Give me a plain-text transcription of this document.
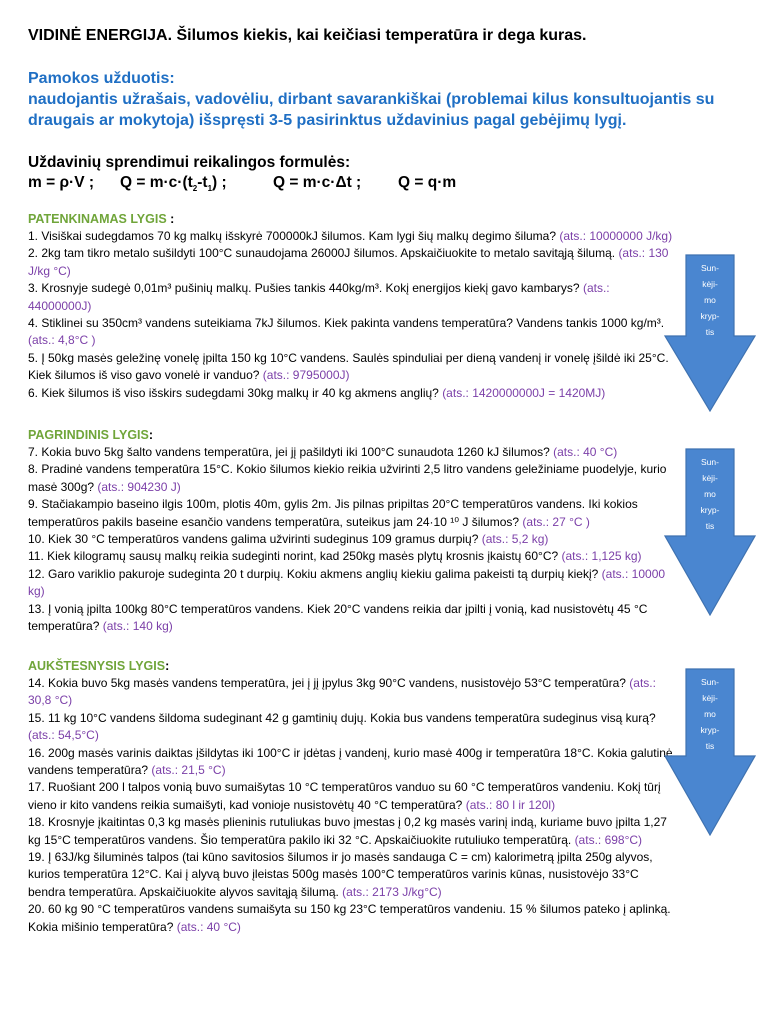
VIDINĖ ENERGIJA. Šilumos kiekis, kai keičiasi temperatūra ir dega kuras.
Pamokos užduotis:
naudojantis užrašais, vadovėliu, dirbant savarankiškai (problemai kilus konsultuojantis su
draugais ar mokytoja) išspręsti 3-5 pasirinktus uždavinius pagal gebėjimų lygį.
Uždavinių sprendimui reikalingos formulės:
m = ρ·V ; $Q = m\cdot c\cdot(t_2-t_1)$ ;	Q = m·c·Δt ; Q = q·m
PATENKINAMAS LYGIS :

1. Visiškai sudegdamos 70 kg malkų išskyrė 700000kJ šilumos. Kam lygi šių malkų degimo šiluma? (ats.: 10000000 J/kg)

2. 2kg tam tikro metalo sušildyti 100°C sunaudojama 26000J šilumos. Apskaičiuokite to metalo savitąją šilumą. (ats.: 130 J/kg °C)

3. Krosnyje sudegė 0,01m³ pušinių malkų. Pušies tankis 440kg/m³. Kokį energijos kiekį gavo kambarys? (ats.: 44000000J)

4. Stiklinei su 350cm³ vandens suteikiama 7kJ šilumos. Kiek pakinta vandens temperatūra? Vandens tankis 1000 kg/m³. (ats.: 4,8°C )

5. Į 50kg masės geležinę vonelę įpilta 150 kg 10°C vandens. Saulės spinduliai per dieną vandenį ir vonelę įšildė iki 25°C. Kiek šilumos iš viso gavo vonelė ir vanduo? (ats.: 9795000J)

6. Kiek šilumos iš viso išskirs sudegdami 30kg malkų ir 40 kg akmens anglių? (ats.: 1420000000J = 1420MJ)

PAGRINDINIS LYGIS:

7. Kokia buvo 5kg šalto vandens temperatūra, jei jį pašildyti iki 100°C sunaudota 1260 kJ šilumos? (ats.: 40 °C)

8. Pradinė vandens temperatūra 15°C. Kokio šilumos kiekio reikia užvirinti 2,5 litro vandens geležiniame puodelyje, kurio masė 300g? (ats.: 904230 J)

9. Stačiakampio baseino ilgis 100m, plotis 40m, gylis 2m. Jis pilnas pripiltas 20°C temperatūros vandens. Iki kokios temperatūros pakils baseine esančio vandens temperatūra, suteikus jam 24·10 ¹⁰ J šilumos? (ats.: 27 °C )

10. Kiek 30 °C temperatūros vandens galima užvirinti sudeginus 109 gramus durpių? (ats.: 5,2 kg)

11. Kiek kilogramų sausų malkų reikia sudeginti norint, kad 250kg masės plytų krosnis įkaistų 60°C? (ats.: 1,125 kg)

12. Garo variklio pakuroje sudeginta 20 t durpių. Kokiu akmens anglių kiekiu galima pakeisti tą durpių kiekį? (ats.: 10000 kg)

13. Į vonią įpilta 100kg 80°C temperatūros vandens. Kiek 20°C vandens reikia dar įpilti į vonią, kad nusistovėtų 45 °C temperatūra? (ats.: 140 kg)

AUKŠTESNYSIS LYGIS:

14. Kokia buvo 5kg masės vandens temperatūra, jei į jį įpylus 3kg 90°C vandens, nusistovėjo 53°C temperatūra? (ats.: 30,8 °C)

15. 11 kg 10°C vandens šildoma sudeginant 42 g gamtinių dujų. Kokia bus vandens temperatūra sudeginus visą kurą? (ats.: 54,5°C)

16. 200g masės varinis daiktas įšildytas iki 100°C ir įdėtas į vandenį, kurio masė 400g ir temperatūra 18°C. Kokia galutinė vandens temperatūra? (ats.: 21,5 °C)

17. Ruošiant 200 l talpos vonią buvo sumaišytas 10 °C temperatūros vanduo su 60 °C temperatūros vandeniu. Kokį tūrį vieno ir kito vandens reikia sumaišyti, kad vonioje nusistovėtų 40 °C temperatūra? (ats.: 80 l ir 120l)

18. Krosnyje įkaitintas 0,3 kg masės plieninis rutuliukas buvo įmestas į 0,2 kg masės varinį indą, kuriame buvo įpilta 1,27 kg 15°C temperatūros vandens. Šio temperatūra pakilo iki 32 °C. Apskaičiuokite rutuliuko temperatūrą. (ats.: 698°C)

19. Į 63J/kg šiluminės talpos (tai kūno savitosios šilumos ir jo masės sandauga C = cm) kalorimetrą įpilta 250g alyvos, kurios temperatūra 12°C. Kai į alyvą buvo įleistas 500g masės 100°C temperatūros varinis kūnas, nusistovėjo 33°C bendra temperatūra. Apskaičiuokite alyvos savitąją šilumą. (ats.: 2173 J/kg°C)

20. 60 kg 90 °C temperatūros vandens sumaišyta su 150 kg 23°C temperatūros vandeniu. 15 % šilumos pateko į aplinką. Kokia mišinio temperatūra? (ats.: 40 °C)

Sun-
kėji-
mo
kryp-
tis
Sun-
kėji-
mo
kryp-
tis
Sun-
kėji-
mo
kryp-
tis
